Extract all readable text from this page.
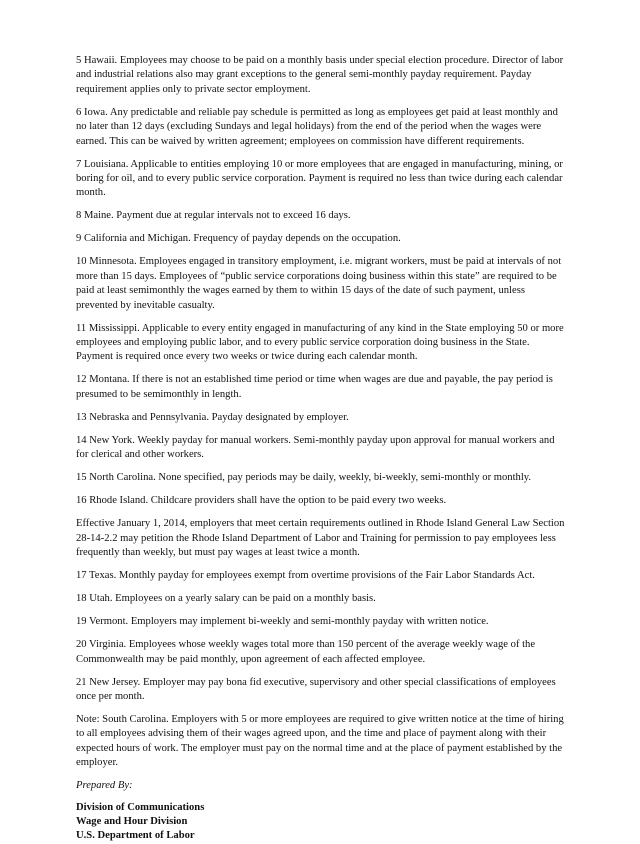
5 Hawaii. Employees may choose to be paid on a monthly basis under special election procedure. Director of labor and industrial relations also may grant exceptions to the general semi-monthly payday requirement. Payday requirement applies only to private sector employment.

6 Iowa. Any predictable and reliable pay schedule is permitted as long as employees get paid at least monthly and no later than 12 days (excluding Sundays and legal holidays) from the end of the period when the wages were earned. This can be waived by written agreement; employees on commission have different requirements.

7 Louisiana. Applicable to entities employing 10 or more employees that are engaged in manufacturing, mining, or boring for oil, and to every public service corporation. Payment is required no less than twice during each calendar month.

8 Maine. Payment due at regular intervals not to exceed 16 days.

9 California and Michigan. Frequency of payday depends on the occupation.

10 Minnesota. Employees engaged in transitory employment, i.e. migrant workers, must be paid at intervals of not more than 15 days. Employees of “public service corporations doing business within this state” are required to be paid at least semimonthly the wages earned by them to within 15 days of the date of such payment, unless prevented by inevitable casualty.

11 Mississippi. Applicable to every entity engaged in manufacturing of any kind in the State employing 50 or more employees and employing public labor, and to every public service corporation doing business in the State. Payment is required once every two weeks or twice during each calendar month.

12 Montana. If there is not an established time period or time when wages are due and payable, the pay period is presumed to be semimonthly in length.

13 Nebraska and Pennsylvania. Payday designated by employer.

14 New York. Weekly payday for manual workers. Semi-monthly payday upon approval for manual workers and for clerical and other workers.

15 North Carolina. None specified, pay periods may be daily, weekly, bi-weekly, semi-monthly or monthly.

16 Rhode Island. Childcare providers shall have the option to be paid every two weeks.

Effective January 1, 2014, employers that meet certain requirements outlined in Rhode Island General Law Section 28-14-2.2 may petition the Rhode Island Department of Labor and Training for permission to pay employees less frequently than weekly, but must pay wages at least twice a month.

17 Texas. Monthly payday for employees exempt from overtime provisions of the Fair Labor Standards Act.

18 Utah. Employees on a yearly salary can be paid on a monthly basis.

19 Vermont. Employers may implement bi-weekly and semi-monthly payday with written notice.

20 Virginia. Employees whose weekly wages total more than 150 percent of the average weekly wage of the Commonwealth may be paid monthly, upon agreement of each affected employee.

21 New Jersey. Employer may pay bona fid executive, supervisory and other special classifications of employees once per month.

Note: South Carolina. Employers with 5 or more employees are required to give written notice at the time of hiring to all employees advising them of their wages agreed upon, and the time and place of payment along with their expected hours of work. The employer must pay on the normal time and at the place of payment established by the employer.

Prepared By:
Division of Communications
Wage and Hour Division
U.S. Department of Labor
